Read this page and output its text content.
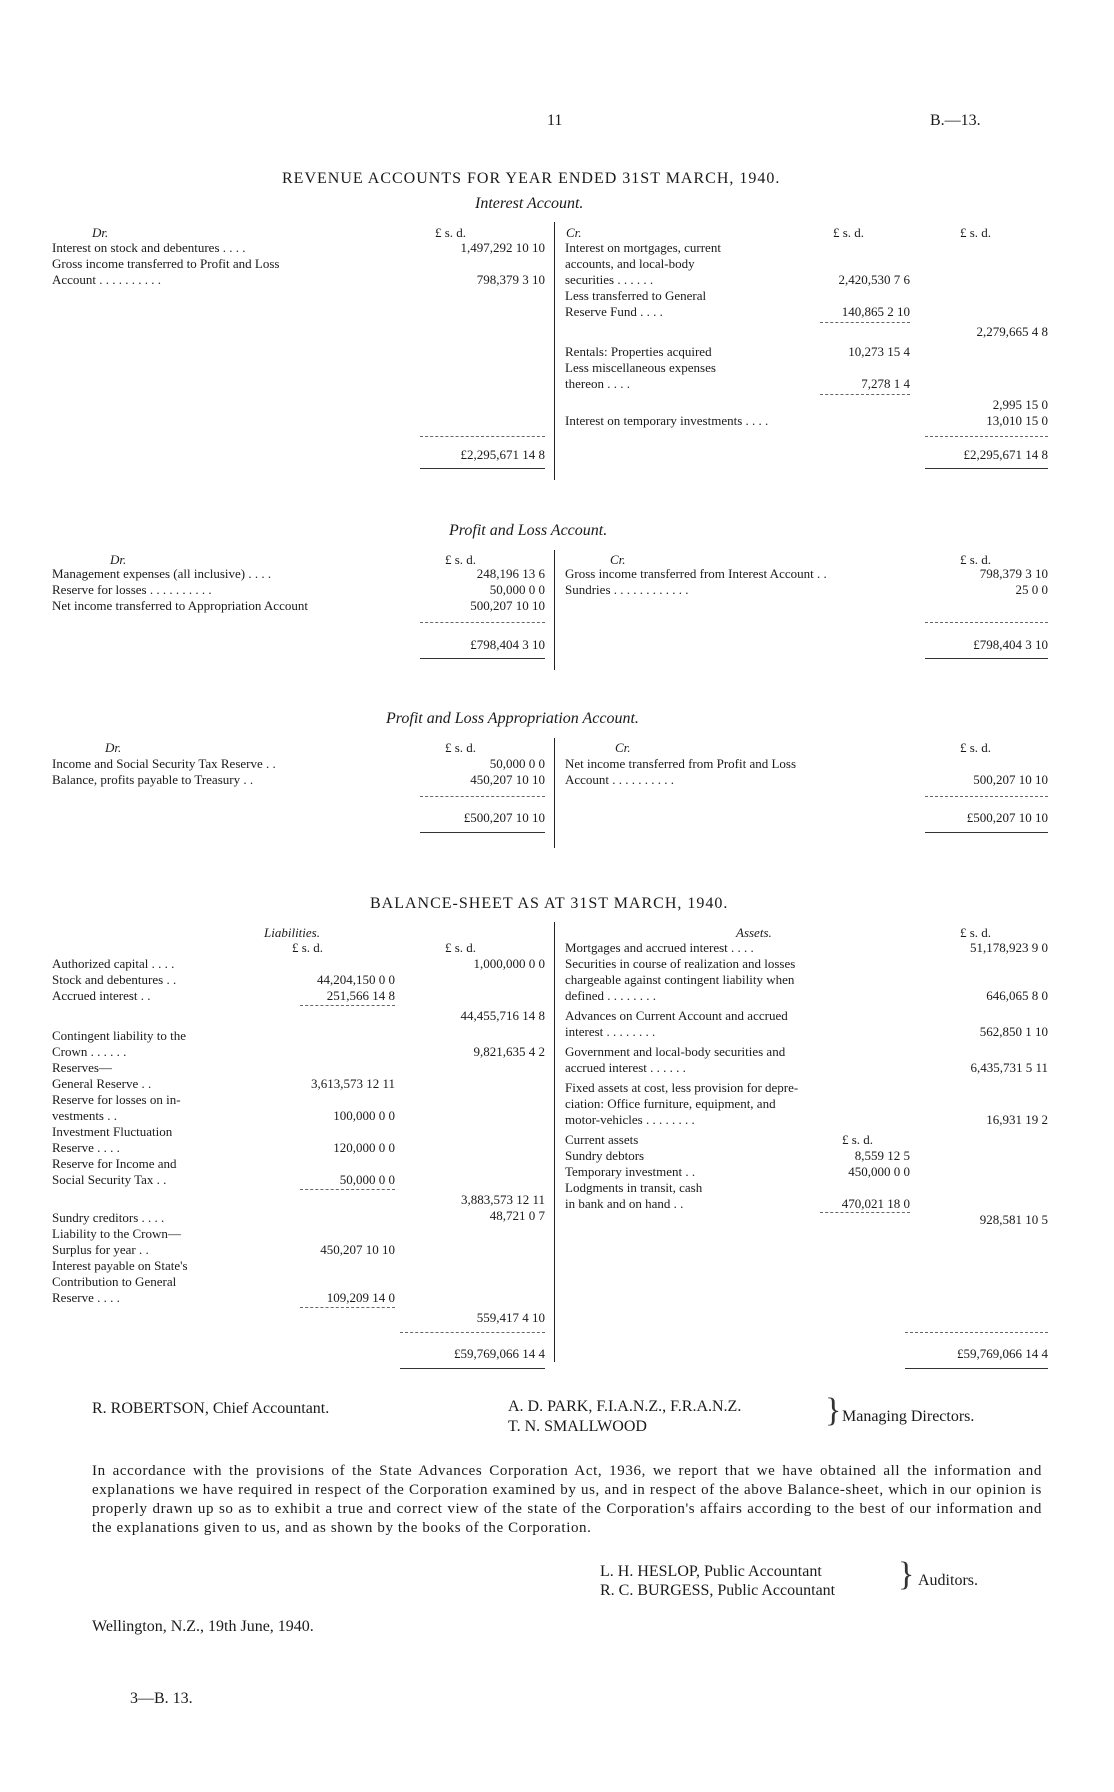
11	B.—13.
REVENUE ACCOUNTS FOR YEAR ENDED 31ST MARCH, 1940.
Interest Account.
Dr.	£ s. d.	Cr.	£ s. d.	£ s. d.
Interest on stock and debentures . . . .	1,497,292 10 10
Gross income transferred to Profit and Loss
Account . . . . . . . . . .	798,379 3 10
Interest on mortgages, current
accounts, and local-body
securities . . . . . .	2,420,530 7 6
Less transferred to General
Reserve Fund . . . .	140,865 2 10
2,279,665 4 8
Rentals: Properties acquired	10,273 15 4
Less miscellaneous expenses
thereon . . . .	7,278 1 4
2,995 15 0
Interest on temporary investments . . . .	13,010 15 0
£2,295,671 14 8	£2,295,671 14 8
Profit and Loss Account.
Dr.	£ s. d.	Cr.	£ s. d.
Management expenses (all inclusive) . . . .	248,196 13 6
Reserve for losses . . . . . . . . . .	50,000 0 0
Net income transferred to Appropriation Account	500,207 10 10
Gross income transferred from Interest Account . .	798,379 3 10
Sundries . . . . . . . . . . . .	25 0 0
£798,404 3 10	£798,404 3 10
Profit and Loss Appropriation Account.
Dr.	£ s. d.	Cr.	£ s. d.
Income and Social Security Tax Reserve . .	50,000 0 0
Balance, profits payable to Treasury . .	450,207 10 10
Net income transferred from Profit and Loss
Account . . . . . . . . . .	500,207 10 10
£500,207 10 10	£500,207 10 10
BALANCE-SHEET AS AT 31ST MARCH, 1940.
Liabilities.	Assets.
£ s. d.	£ s. d.
£ s. d.
Authorized capital . . . .	1,000,000 0 0
Stock and debentures . .	44,204,150 0 0
Accrued interest . .	251,566 14 8
44,455,716 14 8
Contingent liability to the
Crown . . . . . .	9,821,635 4 2
Reserves—
General Reserve . .	3,613,573 12 11
Reserve for losses on in-
vestments . .	100,000 0 0
Investment Fluctuation
Reserve . . . .	120,000 0 0
Reserve for Income and
Social Security Tax . .	50,000 0 0
3,883,573 12 11
Sundry creditors . . . .	48,721 0 7
Liability to the Crown—
Surplus for year . .	450,207 10 10
Interest payable on State's
Contribution to General
Reserve . . . .	109,209 14 0
559,417 4 10
Mortgages and accrued interest . . . .	51,178,923 9 0
Securities in course of realization and losses
chargeable against contingent liability when
defined . . . . . . . .	646,065 8 0
Advances on Current Account and accrued
interest . . . . . . . .	562,850 1 10
Government and local-body securities and
accrued interest . . . . . .	6,435,731 5 11
Fixed assets at cost, less provision for depre-
ciation: Office furniture, equipment, and
motor-vehicles . . . . . . . .	16,931 19 2
Current assets	£ s. d.
Sundry debtors	8,559 12 5
Temporary investment . .	450,000 0 0
Lodgments in transit, cash
in bank and on hand . .	470,021 18 0
928,581 10 5
£59,769,066 14 4	£59,769,066 14 4
R. ROBERTSON, Chief Accountant.	A. D. PARK, F.I.A.N.Z., F.R.A.N.Z.
T. N. SMALLWOOD	} Managing Directors.
In accordance with the provisions of the State Advances Corporation Act, 1936, we report that we have obtained all the information and explanations we have required in respect of the Corporation examined by us, and in respect of the above Balance-sheet, which in our opinion is properly drawn up so as to exhibit a true and correct view of the state of the Corporation's affairs according to the best of our information and the explanations given to us, and as shown by the books of the Corporation.
L. H. HESLOP, Public Accountant
R. C. BURGESS, Public Accountant } Auditors.
Wellington, N.Z., 19th June, 1940.
3—B. 13.
